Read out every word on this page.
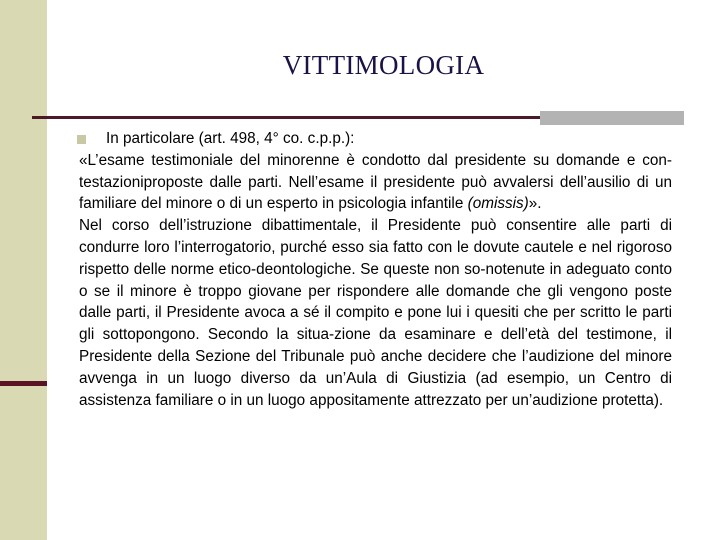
VITTIMOLOGIA

In particolare (art. 498, 4° co. c.p.p.):

«L’esame testimoniale del minorenne è condotto dal presidente su domande e con-testazioniproposte dalle parti. Nell’esame il presidente può avvalersi dell’ausilio di un familiare del minore o di un esperto in psicologia infantile (omissis)».

Nel corso dell’istruzione dibattimentale, il Presidente può consentire alle parti di condurre loro l’interrogatorio, purché esso sia fatto con le dovute cautele e nel rigoroso rispetto delle norme etico-deontologiche. Se queste non so-notenute in adeguato conto o se il minore è troppo giovane per rispondere alle domande che gli vengono poste dalle parti, il Presidente avoca a sé il compito e pone lui i quesiti che per scritto le parti gli sottopongono. Secondo la situa-zione da esaminare e dell’età del testimone, il Presidente della Sezione del Tribunale può anche decidere che l’audizione del minore avvenga in un luogo diverso da un’Aula di Giustizia (ad esempio, un Centro di assistenza familiare o in un luogo appositamente attrezzato per un’audizione protetta).
